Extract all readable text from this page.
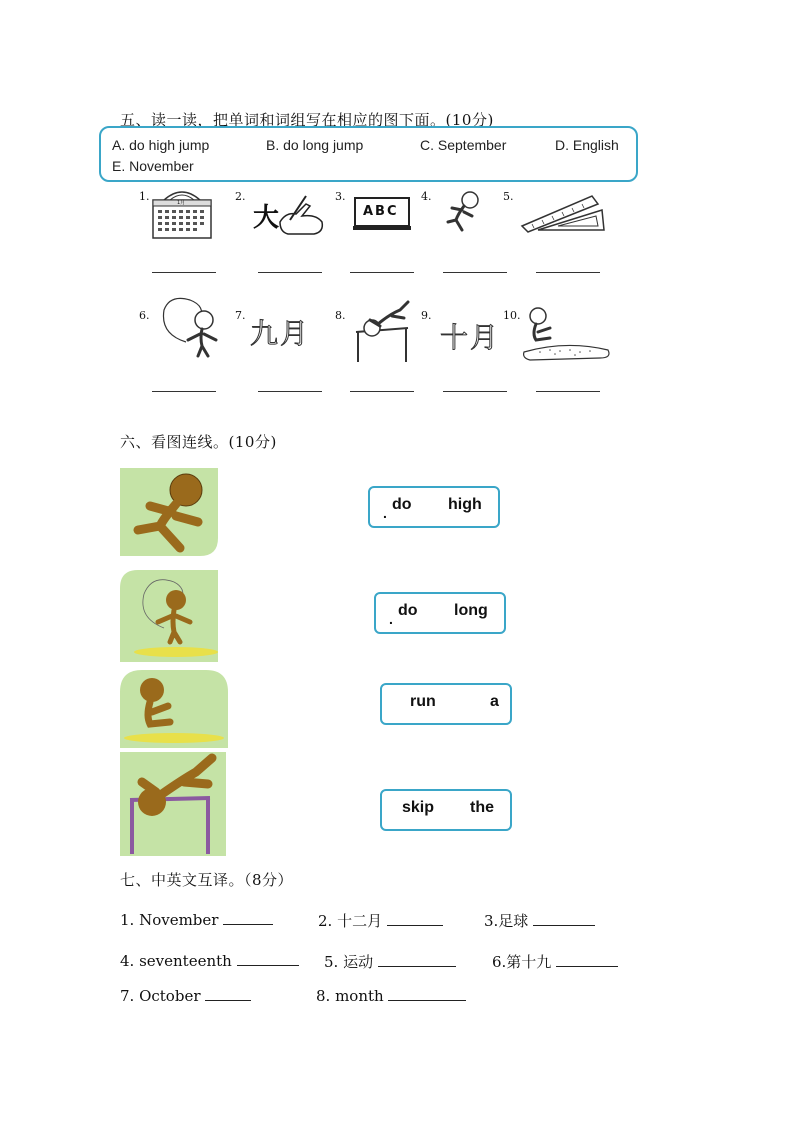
五、读一读，把单词和词组写在相应的图下面。(10分)
A. do high jump	B. do long jump	C. September	D. English
E. November
1.	2.	3.	4.	5.
1月	大	ABC
6.	7.	8.	9.	10.
九月	十月
六、看图连线。(10分)
do high
.
do long
.
run	a
skip the
七、中英文互译。（8分）
1. November	2. 十二月	3.足球
4. seventeenth	5. 运动	6.第十九
7. October	8. month
